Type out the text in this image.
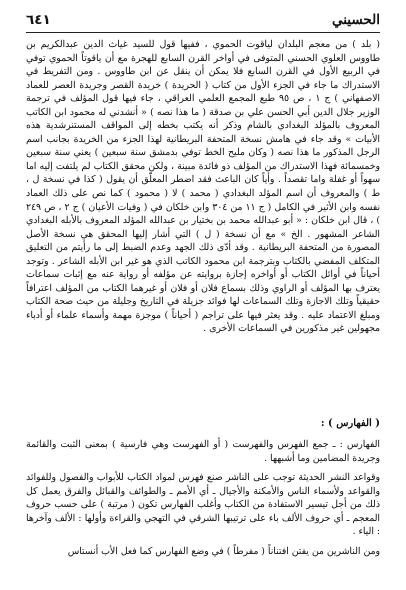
الحسيني
٦٤١

( بلد ) من معجم البلدان لياقوت الحموي ، ففيها قول للسيد غياث الدين عبدالكريم بن طاووس العلوي الحسني المتوفى في أواخر القرن السابع للهجرة مع أن ياقوتاً الحموي توفي في الربيع الأول في القرن السابع فلا يمكن أن ينقل عن ابن طاووس . ومن التفريط في الاستدراك ما جاء في الجزء الأول من كتاب ( الحريدة ) خريدة القصر وجريدة العصر للعماد الاصفهاني ) ج ١ ، ص ٩٥ طبع المجمع العلمي العراقي ، جاء فيها قول المؤلف في ترجمة الوزير جلال الدين أبي الحسن علي بن صدقة ( ما هذا نصه ) « أنشدني له محمود ابن الكاتب المعروف بالمؤلد البغدادي بالشام وذكر أنه يكتب بخطه إلى المواقف المستنرشدية هذه الأبيات » وقد جاء في هامش نسخة المتحفة البريطانية لهذا الجزء من الخريدة بجانب اسم الرجل المذكور ما هذا نصه ( وكان مليح الخط توفي بدمشق سنة سبعين ) يعني سنة سبعين وخمسمائة فهذا الاستدراك من المؤلف ذو فائدة مبينة ، ولكن محقق الكتاب لم يلتفت إليه اما سهواً أو غفلة واما تقصداً . وأياً كان الباعث فقد اضطر المعلّق أن يقول ( كذا في نسخة ل ، ط ) والمعروف أن اسم المؤلد البغدادي ( محمد ) لا ( محمود ) كما نص على ذلك العماد نفسه وابن الأثير في الكامل ( ج ١١ من ٣٠٤ وابن خلكان في ( وفيات الأعيان ) ج ٢ ، ص ٢٤٩ ) ، قال ابن خلكان : « أبو عبدالله محمد بن بختيار بن عبدالله المؤلد المعروف بالأبله البغدادي الشاعر المشهور . الخ » مع أن نسخة ( ل ) التي أشار إليها المحقق هي نسخة الأصل المصورة من المتحفة البريطانية . وقد أدّى ذلك الجهد وعدم الضبط إلى ما رأيتم من التعليق المتكلف المفضي بالكتاب وبترجمة ابن محمود الكاتب الذي هو غير ابن الأبله الشاعر . وتوجد أحياناً في أوائل الكتاب أو أواخره إجازة بروايته عن مؤلفه أو رواية عنه مع إثبات سماعات يعترف بها المؤلف أو الراوي وذلك بسماع فلان أو فلان أو غيرهما الكتاب من المؤلف اعترافاً حقيقياً وتلك الاجازة وتلك السماعات لها فوائد جزيلة في التاريخ وجليلة من حيث صحة الكتاب ومبلغ الاعتماد عليه . وقد يعثر فيها على تراجم ( أحياناً ) موجزة مهمة وأسماء علماء أو أدباء مجهولين غير مذكورين في السماعات الأخرى .

( الفهارس ) :

الفهارس : ـ جمع الفهرس والفهرست ( أو الفهرست وهي فارسية ) بمعنى الثبت والقائمة وجريدة المضامين وما أشبهها .

وقواعد النشر الحديثة توجب على الناشر صنع فهرس لمواد الكتاب للأبواب والفصول وللفوائد والقواعد ولأسماء الناس والأمكنة والأجيال ـ أي الأمم ـ والطوائف والقبائل والفرق يعمل كل ذلك من أجل تيسير الاستفادة من الكتاب وأغلب الفهارس تكون ( مرتبة ) على حسب حروف المعجم ـ أي حروف الألف باء على ترتيبها الشرقي في التهجي والقراءة وأولها : الألف وآخرها : الياء .

ومن الناشرين من يفتن افتناناً ( مفرطاً ) في وضع الفهارس كما فعل الأب أنستاس
